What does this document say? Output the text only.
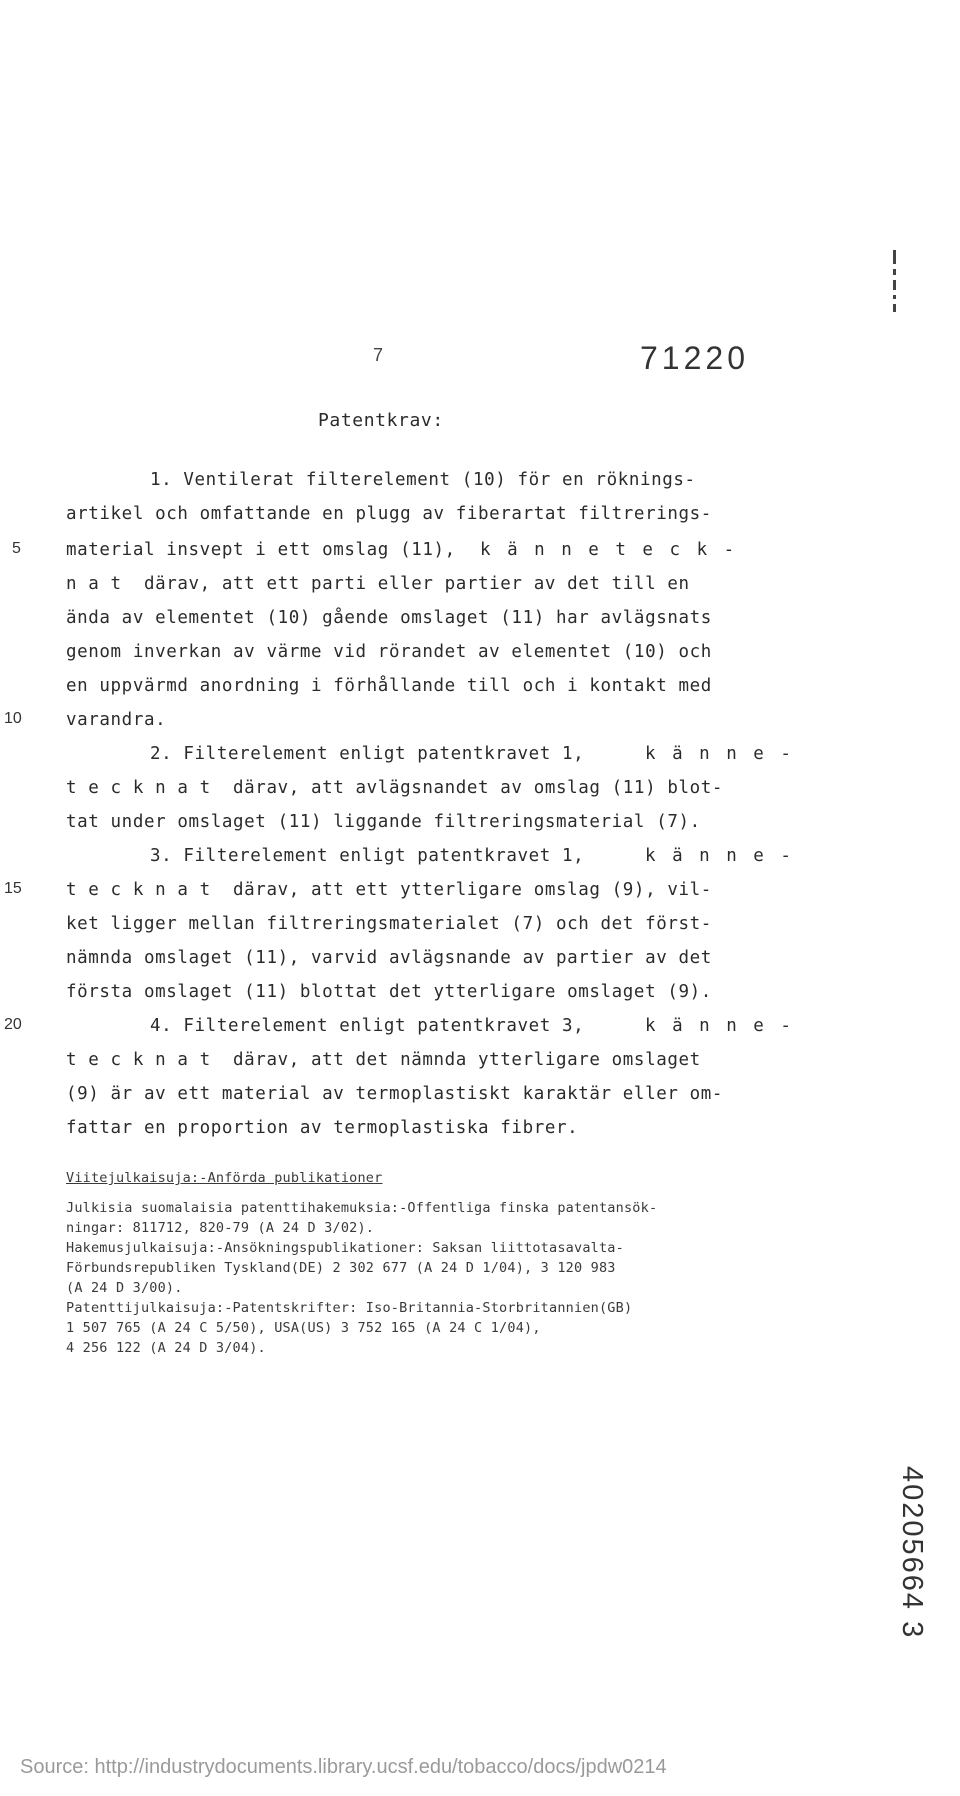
7	71220
Patentkrav:
1. Ventilerat filterelement (10) för en röknings-
artikel och omfattande en plugg av fiberartat filtrerings-
material insvept i ett omslag (11), k ä n n e t e c k -
n a t  därav, att ett parti eller partier av det till en
ända av elementet (10) gående omslaget (11) har avlägsnats
genom inverkan av värme vid rörandet av elementet (10) och
en uppvärmd anordning i förhållande till och i kontakt med
varandra.
2. Filterelement enligt patentkravet 1,	k ä n n e -
t e c k n a t  därav, att avlägsnandet av omslag (11) blot-
tat under omslaget (11) liggande filtreringsmaterial (7).
3. Filterelement enligt patentkravet 1,	k ä n n e -
t e c k n a t  därav, att ett ytterligare omslag (9), vil-
ket ligger mellan filtreringsmaterialet (7) och det först-
nämnda omslaget (11), varvid avlägsnande av partier av det
första omslaget (11) blottat det ytterligare omslaget (9).
4. Filterelement enligt patentkravet 3,	k ä n n e -
t e c k n a t  därav, att det nämnda ytterligare omslaget
(9) är av ett material av termoplastiskt karaktär eller om-
fattar en proportion av termoplastiska fibrer.
5
10
15
20
Viitejulkaisuja:-Anförda publikationer
Julkisia suomalaisia patenttihakemuksia:-Offentliga finska patentansök-
ningar: 811712, 820-79 (A 24 D 3/02).
Hakemusjulkaisuja:-Ansökningspublikationer: Saksan liittotasavalta-
Förbundsrepubliken Tyskland(DE) 2 302 677 (A 24 D 1/04), 3 120 983
(A 24 D 3/00).
Patenttijulkaisuja:-Patentskrifter: Iso-Britannia-Storbritannien(GB)
1 507 765 (A 24 C 5/50), USA(US) 3 752 165 (A 24 C 1/04),
4 256 122 (A 24 D 3/04).
40205664 3
Source: http://industrydocuments.library.ucsf.edu/tobacco/docs/jpdw0214
